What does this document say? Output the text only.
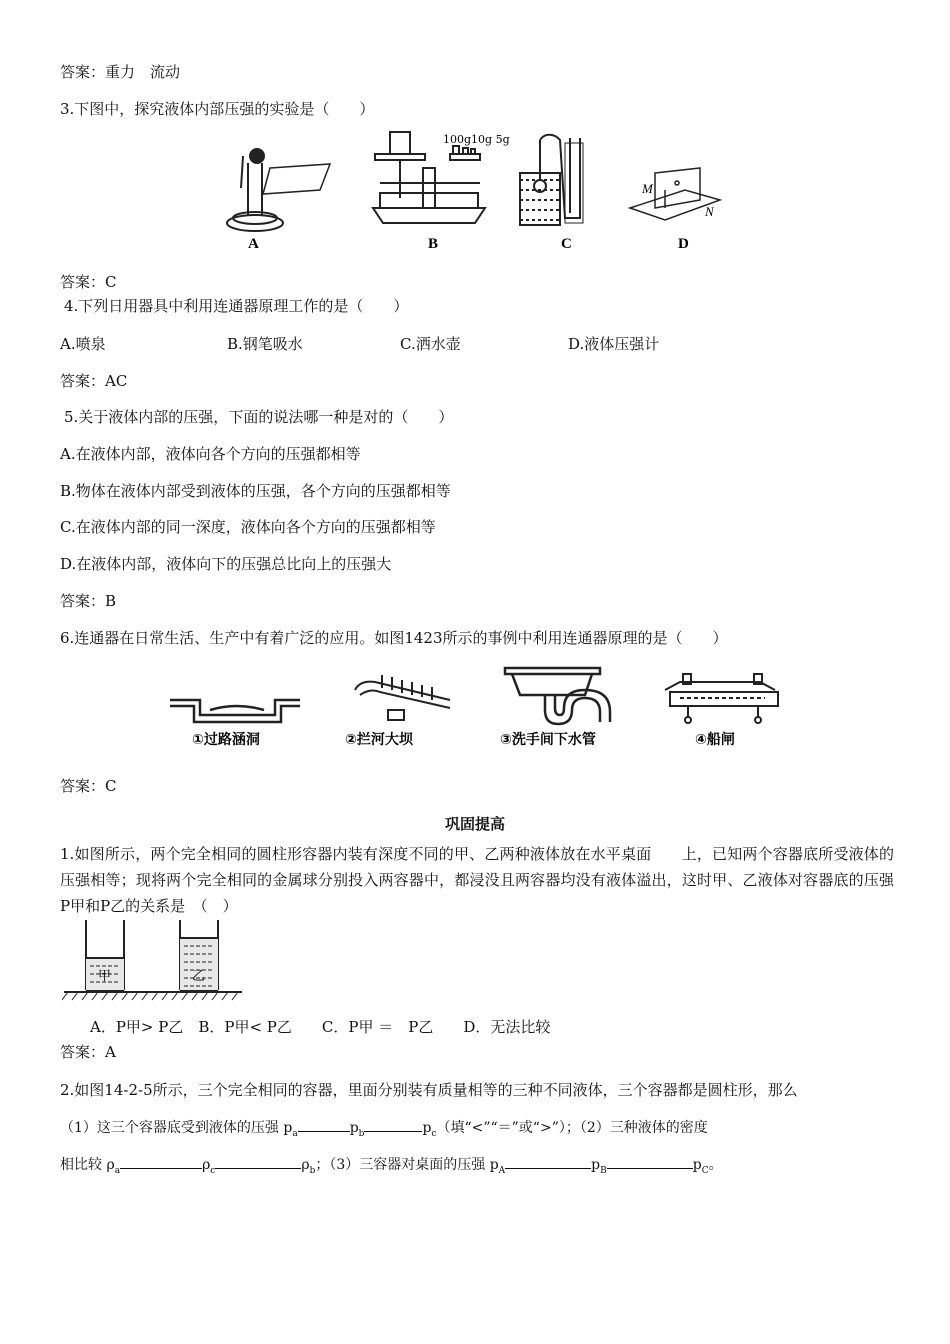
答案：重力　流动
3.下图中，探究液体内部压强的实验是（　　）
100g10g 5g
M
N
A	B	C	D
答案：C
4.下列日用器具中利用连通器原理工作的是（　　）
A.喷泉	B.钢笔吸水	C.洒水壶	D.液体压强计
答案：AC
5.关于液体内部的压强，下面的说法哪一种是对的（　　）
A.在液体内部，液体向各个方向的压强都相等
B.物体在液体内部受到液体的压强，各个方向的压强都相等
C.在液体内部的同一深度，液体向各个方向的压强都相等
D.在液体内部，液体向下的压强总比向上的压强大
答案：B
6.连通器在日常生活、生产中有着广泛的应用。如图1423所示的事例中利用连通器原理的是（　　）
①过路涵洞	②拦河大坝	③洗手间下水管	④船闸
答案：C
巩固提高
1.如图所示，两个完全相同的圆柱形容器内装有深度不同的甲、乙两种液体放在水平桌面　　上，已知两个容器底所受液体的压强相等；现将两个完全相同的金属球分别投入两容器中，都浸没且两容器均没有液体溢出，这时甲、乙液体对容器底的压强P甲和P乙的关系是　（　）
甲	乙
A．P甲> P乙　B．P甲< P乙　　C．P甲 ＝　P乙　　D．无法比较
答案：A
2.如图14-2-5所示，三个完全相同的容器，里面分别装有质量相等的三种不同液体，三个容器都是圆柱形，那么
（1）这三个容器底受到液体的压强 $p_a$	$p_b$	$p_c$（填“<”“＝”或“>”）；（2）三种液体的密度
相比较 $\rho_a$	$\rho_c$	$\rho_b$；（3）三容器对桌面的压强 $p_A$	$p_B$	$p_C$。
